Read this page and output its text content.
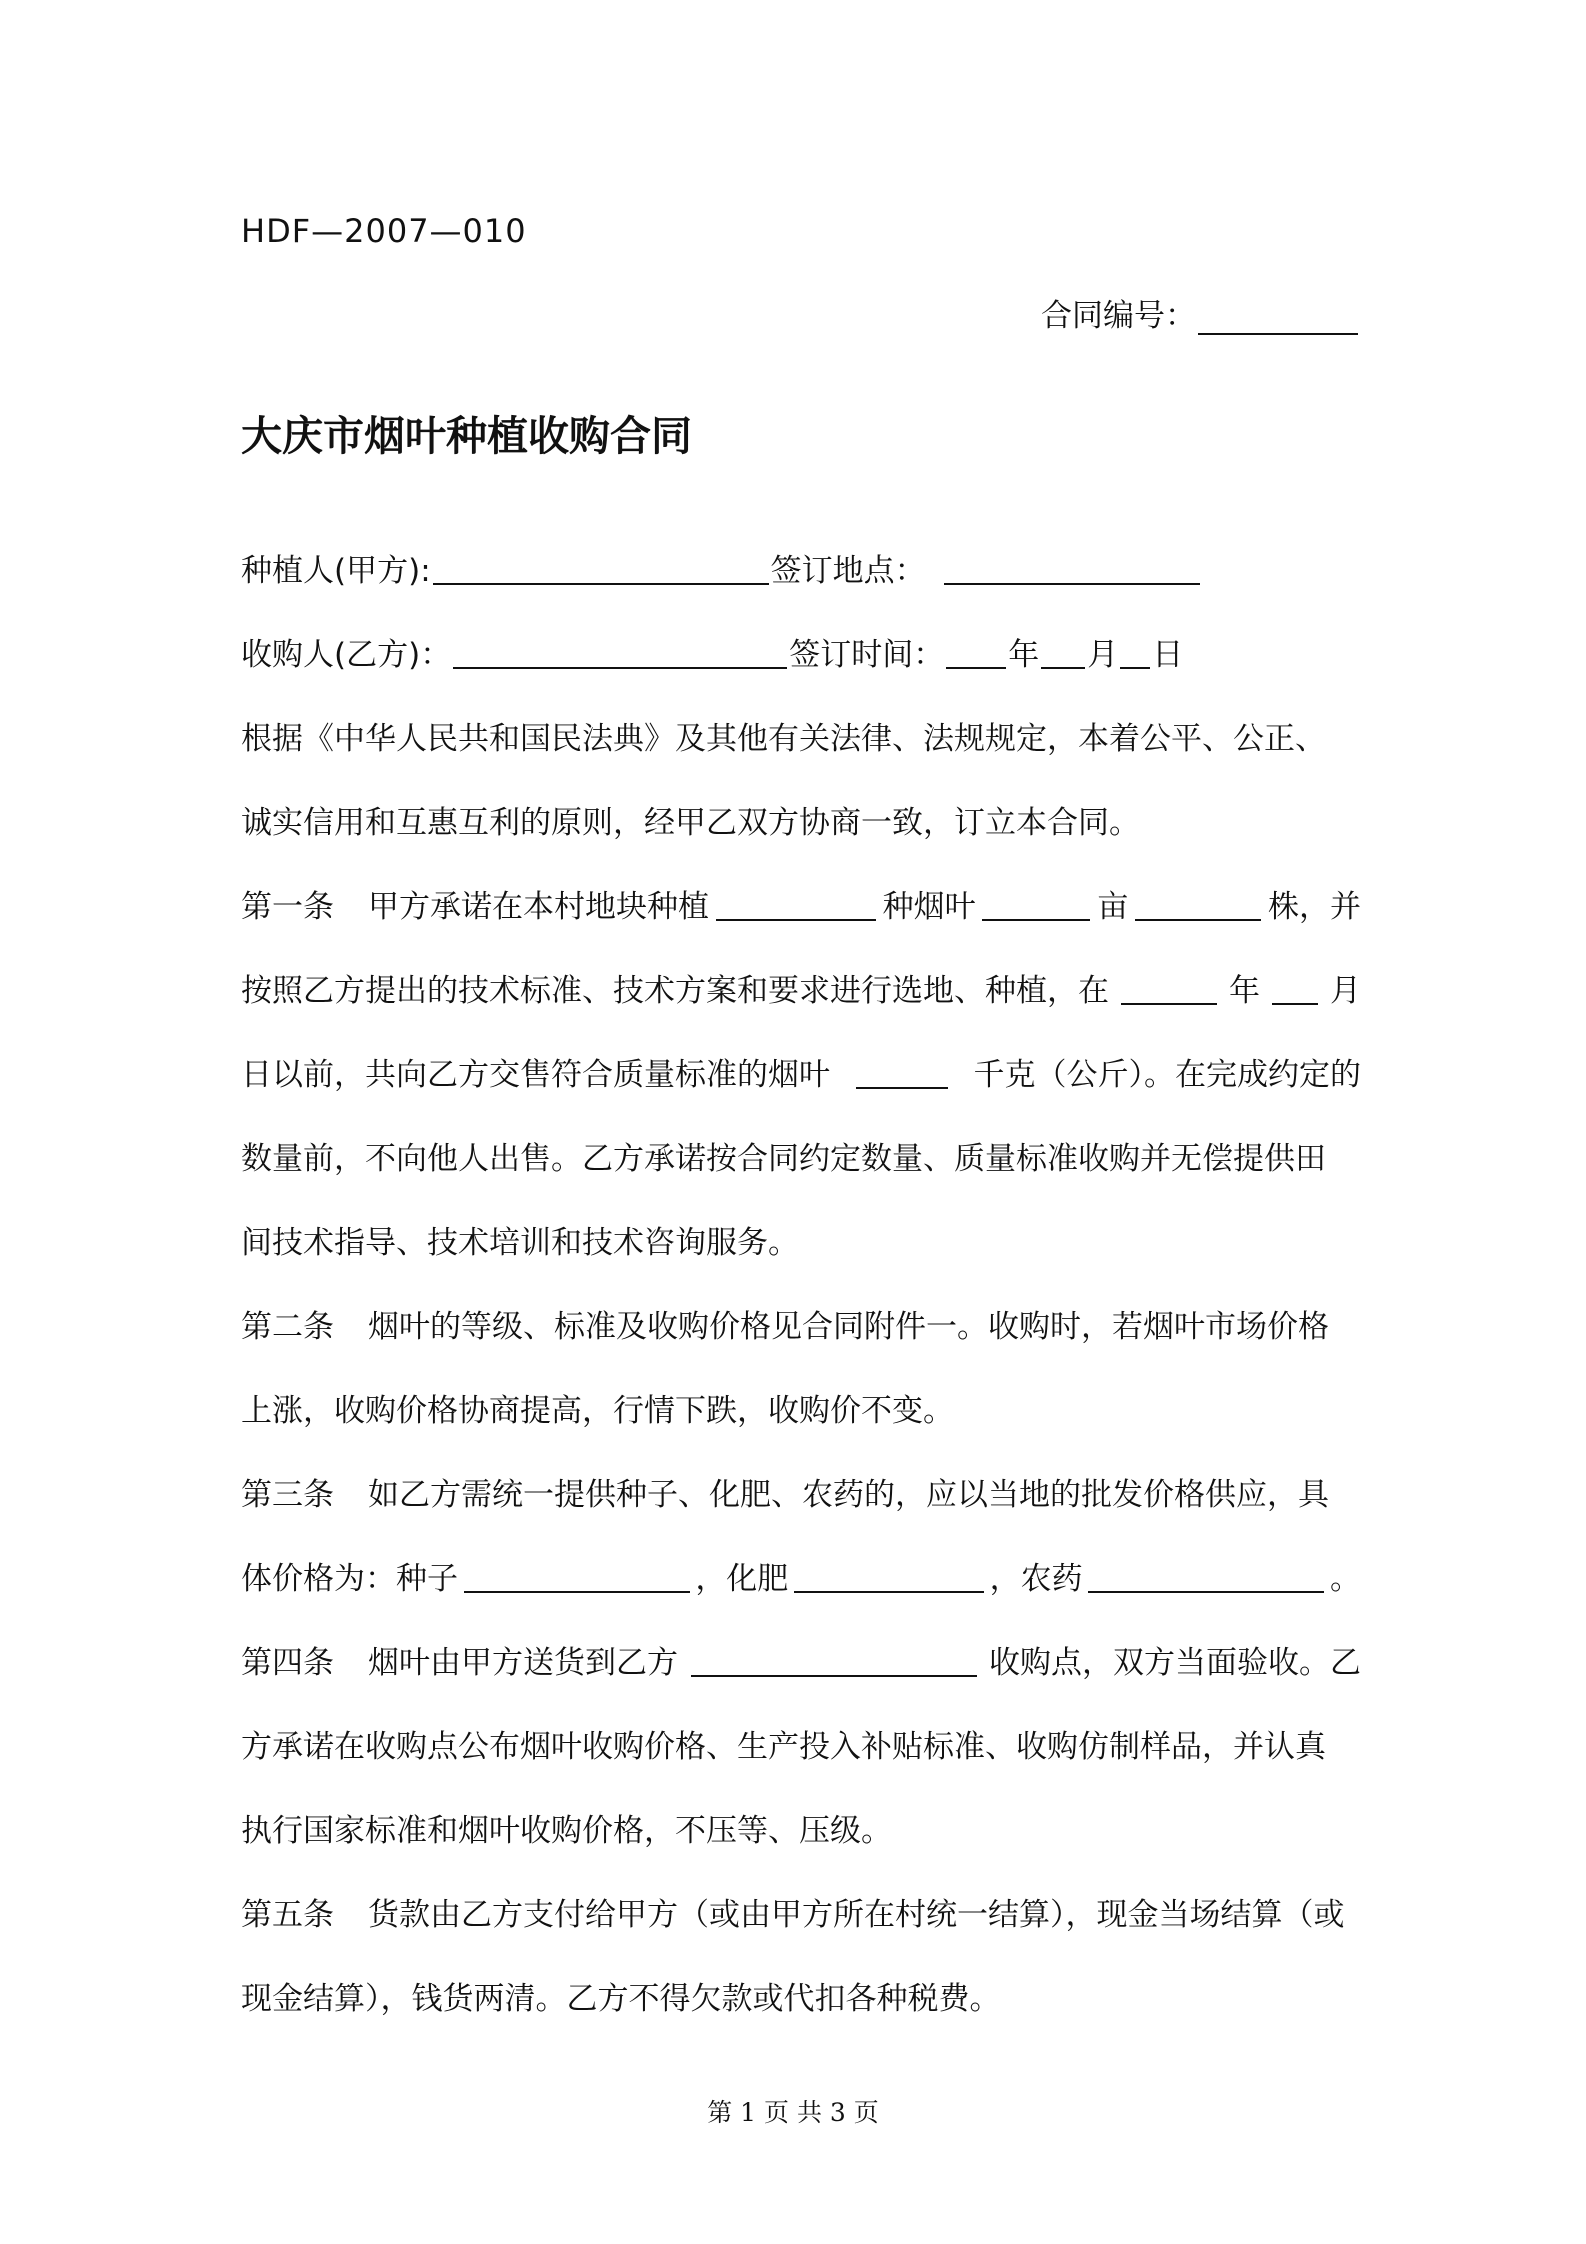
HDF—2007—010
合同编号：
大庆市烟叶种植收购合同
种植人(甲方):	签订地点：
收购人(乙方)：	签订时间： 年 月 日
根据《中华人民共和国民法典》及其他有关法律、法规规定，本着公平、公正、
诚实信用和互惠互利的原则，经甲乙双方协商一致，订立本合同。
第一条 甲方承诺在本村地块种植	种烟叶	亩	株，并
按照乙方提出的技术标准、技术方案和要求进行选地、种植，在	年 月
日以前，共向乙方交售符合质量标准的烟叶	千克（公斤）。在完成约定的
数量前，不向他人出售。乙方承诺按合同约定数量、质量标准收购并无偿提供田
间技术指导、技术培训和技术咨询服务。
第二条 烟叶的等级、标准及收购价格见合同附件一。收购时，若烟叶市场价格
上涨，收购价格协商提高，行情下跌，收购价不变。
第三条 如乙方需统一提供种子、化肥、农药的，应以当地的批发价格供应，具
体价格为：种子	，化肥	，农药	。
第四条 烟叶由甲方送货到乙方	收购点，双方当面验收。乙
方承诺在收购点公布烟叶收购价格、生产投入补贴标准、收购仿制样品，并认真
执行国家标准和烟叶收购价格，不压等、压级。
第五条 货款由乙方支付给甲方（或由甲方所在村统一结算），现金当场结算（或
现金结算），钱货两清。乙方不得欠款或代扣各种税费。
第 1 页 共 3 页
